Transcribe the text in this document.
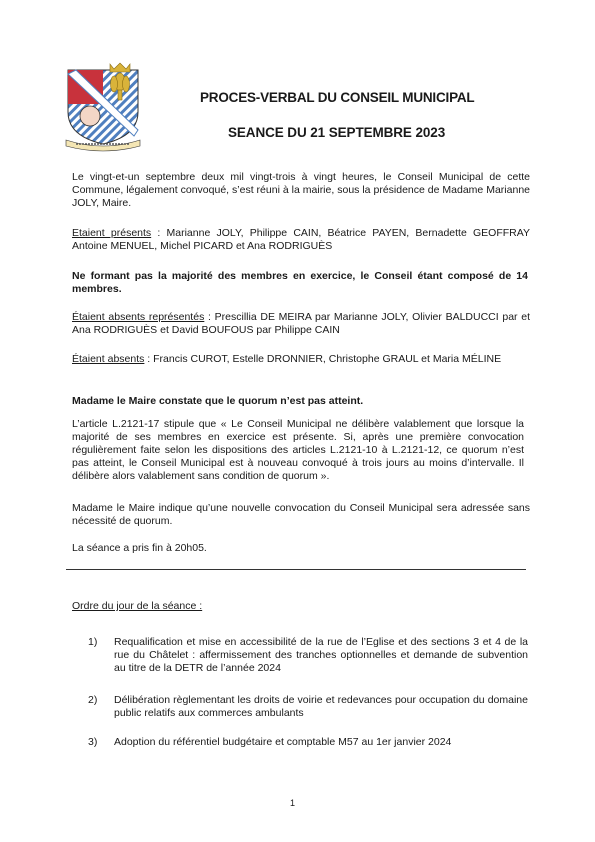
PROCES-VERBAL DU CONSEIL MUNICIPAL
SEANCE DU 21 SEPTEMBRE 2023
Le vingt-et-un septembre deux mil vingt-trois à vingt heures, le Conseil Municipal de cette Commune, légalement convoqué, s’est réuni à la mairie, sous la présidence de Madame Marianne JOLY, Maire.
Etaient présents : Marianne JOLY, Philippe CAIN, Béatrice PAYEN, Bernadette GEOFFRAY Antoine MENUEL, Michel PICARD et Ana RODRIGUÈS
Ne formant pas la majorité des membres en exercice, le Conseil étant composé de 14 membres.
Étaient absents représentés : Prescillia DE MEIRA par Marianne JOLY, Olivier BALDUCCI par et Ana RODRIGUÈS et David BOUFOUS par Philippe CAIN
Étaient absents : Francis CUROT, Estelle DRONNIER, Christophe GRAUL et Maria MÉLINE
Madame le Maire constate que le quorum n’est pas atteint.
L’article L.2121-17 stipule que « Le Conseil Municipal ne délibère valablement que lorsque la majorité de ses membres en exercice est présente. Si, après une première convocation régulièrement faite selon les dispositions des articles L.2121-10 à L.2121-12, ce quorum n’est pas atteint, le Conseil Municipal est à nouveau convoqué à trois jours au moins d’intervalle. Il délibère alors valablement sans condition de quorum ».
Madame le Maire indique qu’une nouvelle convocation du Conseil Municipal sera adressée sans nécessité de quorum.
La séance a pris fin à 20h05.
Ordre du jour de la séance :
1)	Requalification et mise en accessibilité de la rue de l’Eglise et des sections 3 et 4 de la rue du Châtelet : affermissement des tranches optionnelles et demande de subvention au titre de la DETR de l’année 2024
2)	Délibération règlementant les droits de voirie et redevances pour occupation du domaine public relatifs aux commerces ambulants
3)	Adoption du référentiel budgétaire et comptable M57 au 1er janvier 2024
1
